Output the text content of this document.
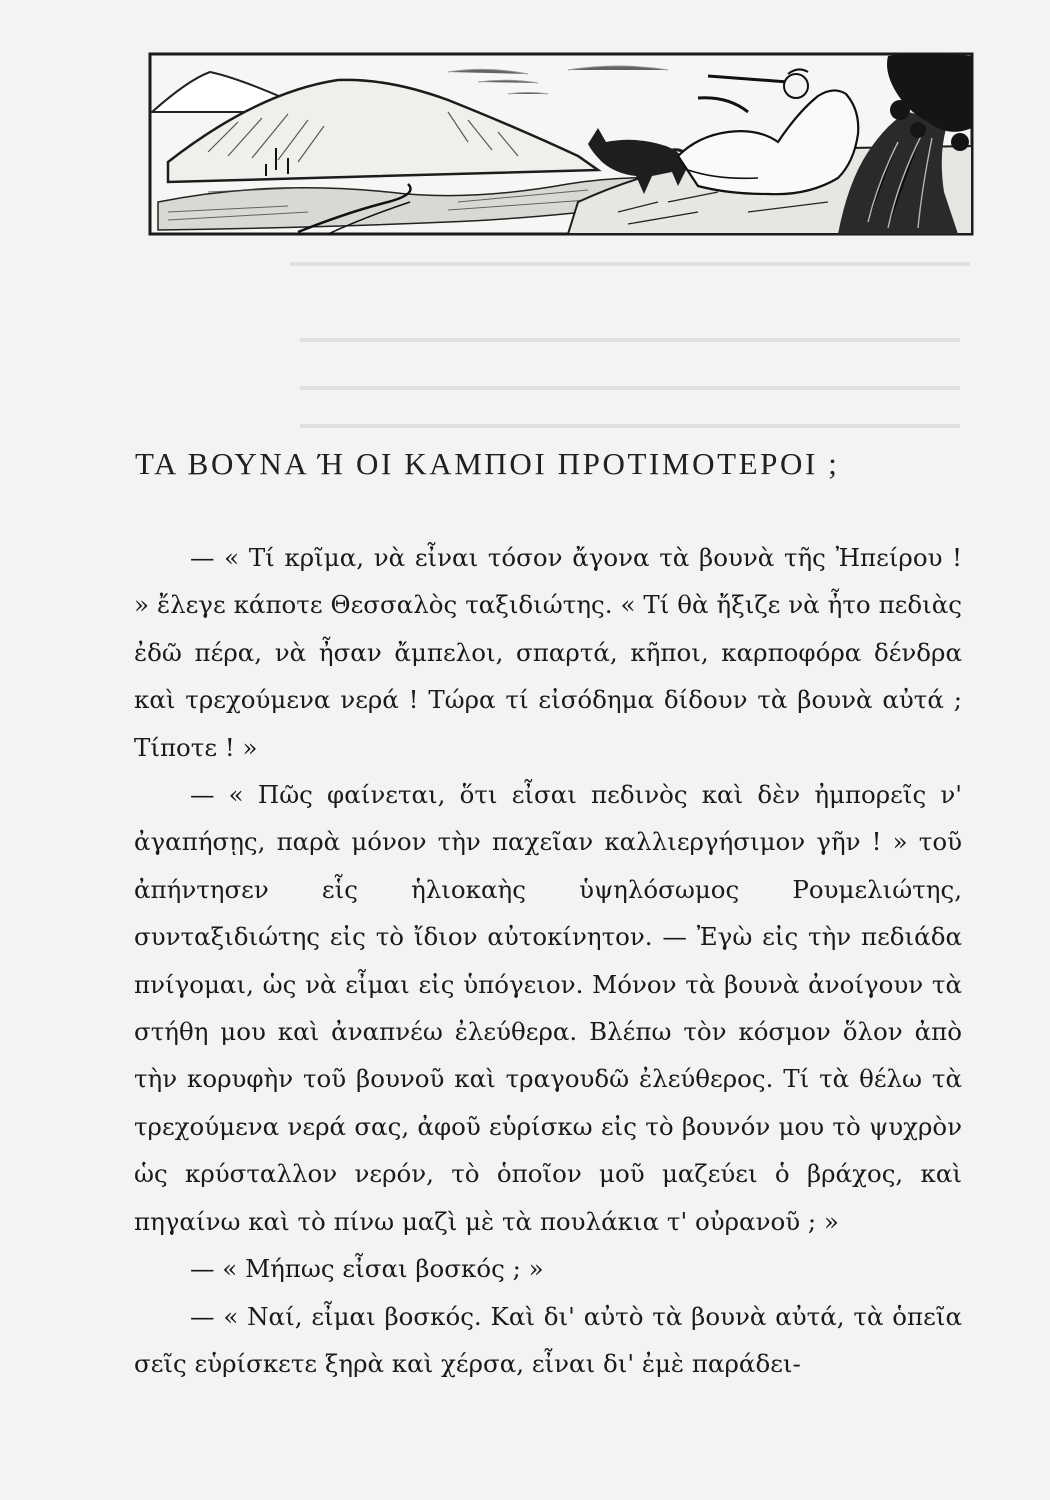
ΤΑ ΒΟΥΝΑ Ή ΟΙ ΚΑΜΠΟΙ ΠΡΟΤΙΜΟΤΕΡΟΙ ;

— « Τί κρῖμα, νὰ εἶναι τόσον ἄγονα τὰ βουνὰ τῆς Ἠπείρου ! » ἔλεγε κάποτε Θεσσαλὸς ταξιδιώτης. « Τί θὰ ἤξιζε νὰ ἦτο πεδιὰς ἐδῶ πέρα, νὰ ἦσαν ἄμπελοι, σπαρτά, κῆποι, καρποφόρα δένδρα καὶ τρεχούμενα νερά ! Τώρα τί εἰσόδημα δίδουν τὰ βουνὰ αὐτά ; Τίποτε ! »

— « Πῶς φαίνεται, ὅτι εἶσαι πεδινὸς καὶ δὲν ἠμπορεῖς ν' ἀγαπήσῃς, παρὰ μόνον τὴν παχεῖαν καλλιεργήσιμον γῆν ! » τοῦ ἀπήντησεν εἷς ἡλιοκαὴς ὑψηλόσωμος Ρουμελιώτης, συνταξιδιώτης εἰς τὸ ἴδιον αὐτοκίνητον. — Ἐγὼ εἰς τὴν πεδιάδα πνίγομαι, ὡς νὰ εἶμαι εἰς ὑπόγειον. Μόνον τὰ βουνὰ ἀνοίγουν τὰ στήθη μου καὶ ἀναπνέω ἐλεύθερα. Βλέπω τὸν κόσμον ὅλον ἀπὸ τὴν κορυφὴν τοῦ βουνοῦ καὶ τραγουδῶ ἐλεύθερος. Τί τὰ θέλω τὰ τρεχούμενα νερά σας, ἀφοῦ εὑρίσκω εἰς τὸ βουνόν μου τὸ ψυχρὸν ὡς κρύσταλλον νερόν, τὸ ὁποῖον μοῦ μαζεύει ὁ βράχος, καὶ πηγαίνω καὶ τὸ πίνω μαζὶ μὲ τὰ πουλάκια τ' οὐρανοῦ ; »

— « Μήπως εἶσαι βοσκός ; »

— « Ναί, εἶμαι βοσκός. Καὶ δι' αὐτὸ τὰ βουνὰ αὐτά, τὰ ὁπεῖα σεῖς εὑρίσκετε ξηρὰ καὶ χέρσα, εἶναι δι' ἐμὲ παράδει-
